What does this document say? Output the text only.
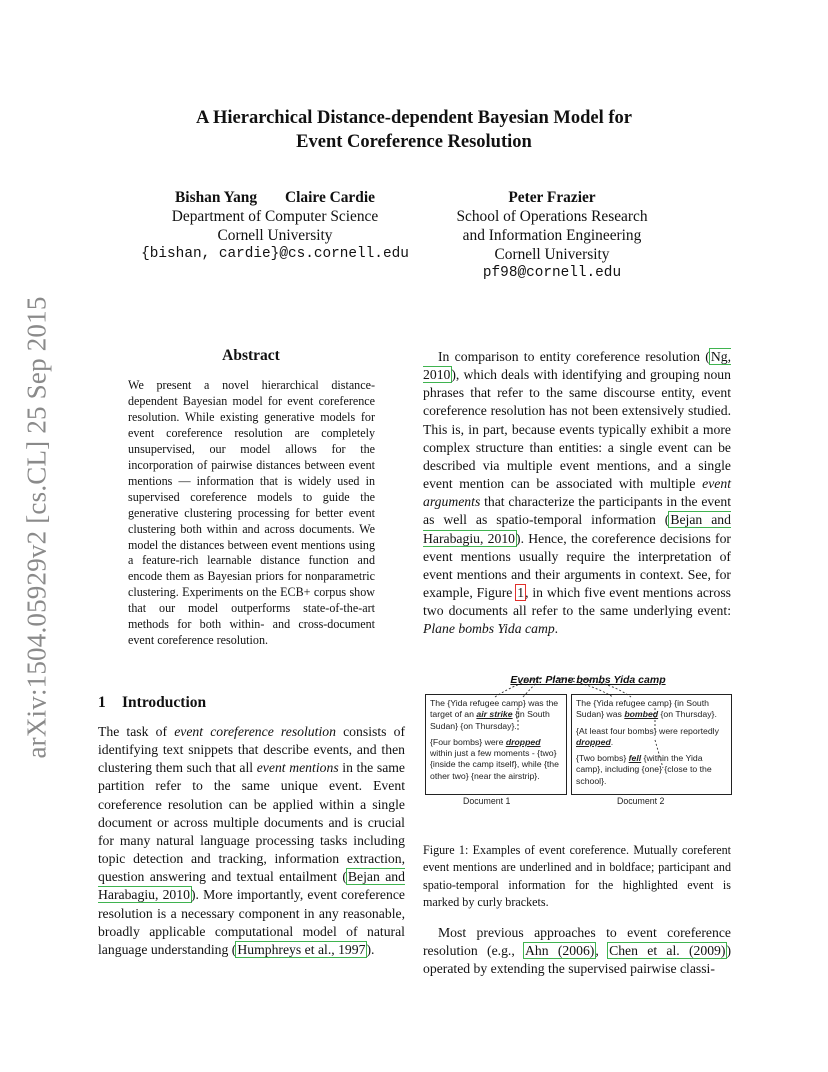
arXiv:1504.05929v2 [cs.CL] 25 Sep 2015
A Hierarchical Distance-dependent Bayesian Model for
Event Coreference Resolution
Bishan Yang Claire Cardie
Department of Computer Science
Cornell University
{bishan, cardie}@cs.cornell.edu
Peter Frazier
School of Operations Research
and Information Engineering
Cornell University
pf98@cornell.edu
Abstract
We present a novel hierarchical distance-dependent Bayesian model for event coreference resolution. While existing generative models for event coreference resolution are completely unsupervised, our model allows for the incorporation of pairwise distances between event mentions — information that is widely used in supervised coreference models to guide the generative clustering processing for better event clustering both within and across documents. We model the distances between event mentions using a feature-rich learnable distance function and encode them as Bayesian priors for nonparametric clustering. Experiments on the ECB+ corpus show that our model outperforms state-of-the-art methods for both within- and cross-document event coreference resolution.
1 Introduction
The task of event coreference resolution consists of identifying text snippets that describe events, and then clustering them such that all event mentions in the same partition refer to the same unique event. Event coreference resolution can be applied within a single document or across multiple documents and is crucial for many natural language processing tasks including topic detection and tracking, information extraction, question answering and textual entailment (Bejan and Harabagiu, 2010). More importantly, event coreference resolution is a necessary component in any reasonable, broadly applicable computational model of natural language understanding (Humphreys et al., 1997).
In comparison to entity coreference resolution (Ng, 2010), which deals with identifying and grouping noun phrases that refer to the same discourse entity, event coreference resolution has not been extensively studied. This is, in part, because events typically exhibit a more complex structure than entities: a single event can be described via multiple event mentions, and a single event mention can be associated with multiple event arguments that characterize the participants in the event as well as spatio-temporal information (Bejan and Harabagiu, 2010). Hence, the coreference decisions for event mentions usually require the interpretation of event mentions and their arguments in context. See, for example, Figure 1, in which five event mentions across two documents all refer to the same underlying event: Plane bombs Yida camp.
Event: Plane bombs Yida camp

The {Yida refugee camp} was the target of an air strike {in South Sudan} {on Thursday}.

{Four bombs} were dropped within just a few moments - {two} {inside the camp itself}, while {the other two} {near the airstrip}.

The {Yida refugee camp} {in South Sudan} was bombed {on Thursday}.

{At least four bombs} were reportedly dropped.

{Two bombs} fell {within the Yida camp}, including {one} {close to the school}.

Document 1	Document 2
Figure 1: Examples of event coreference. Mutually coreferent event mentions are underlined and in boldface; participant and spatio-temporal information for the highlighted event is marked by curly brackets.
Most previous approaches to event coreference resolution (e.g., Ahn (2006), Chen et al. (2009)) operated by extending the supervised pairwise classi-
